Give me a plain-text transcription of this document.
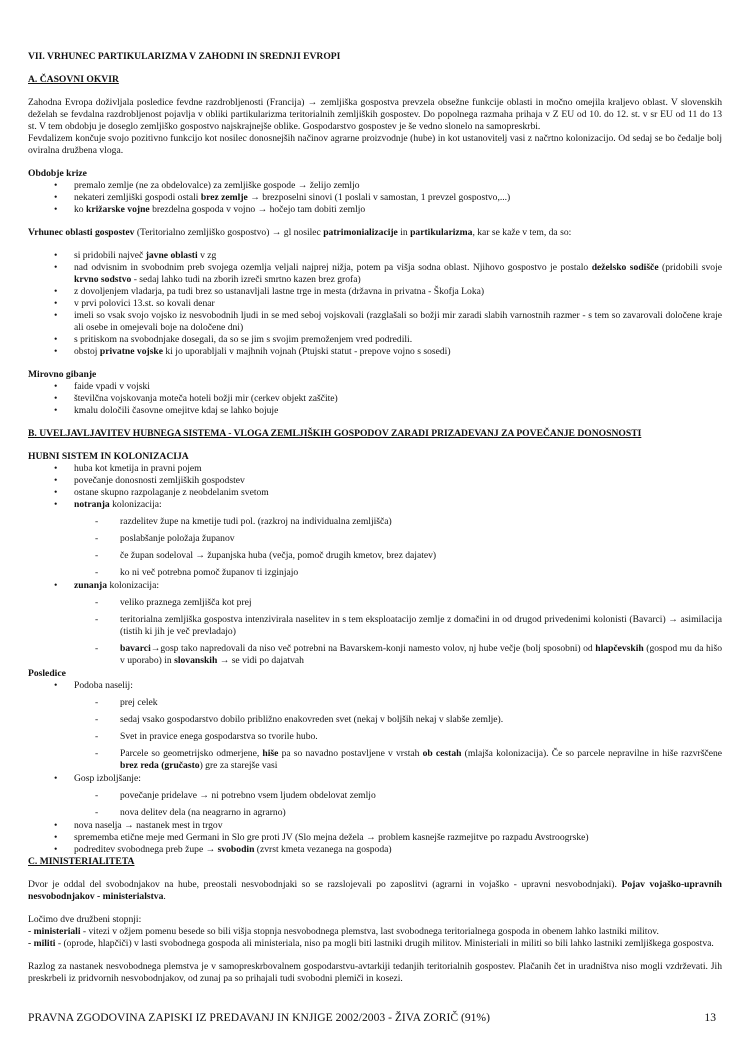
VII. VRHUNEC PARTIKULARIZMA V ZAHODNI IN SREDNJI EVROPI
A. ČASOVNI OKVIR
Zahodna Evropa doživljala posledice fevdne razdrobljenosti (Francija) → zemljiška gospostva prevzela obsežne funkcije oblasti in močno omejila kraljevo oblast. V slovenskih deželah se fevdalna razdrobljenost pojavlja v obliki partikularizma teritorialnih zemljiških gospostev. Do popolnega razmaha prihaja v Z EU od 10. do 12. st. v sr EU od 11 do 13 st. V tem obdobju je doseglo zemljiško gospostvo najskrajnejše oblike. Gospodarstvo gospostev je še vedno slonelo na samopreskrbi.
Fevdalizem končuje svojo pozitivno funkcijo kot nosilec donosnejših načinov agrarne proizvodnje (hube) in kot ustanovitelj vasi z načrtno kolonizacijo. Od sedaj se bo čedalje bolj oviralna družbena vloga.
Obdobje krize
• premalo zemlje (ne za obdelovalce) za zemljiške gospode → želijo zemljo
• nekateri zemljiški gospodi ostali brez zemlje → brezposelni sinovi (1 poslali v samostan, 1 prevzel gospostvo,...)
• ko križarske vojne brezdelna gospoda v vojno → hočejo tam dobiti zemljo
Vrhunec oblasti gospostev (Teritorialno zemljiško gospostvo) → gl nosilec patrimonializacije in partikularizma, kar se kaže v tem, da so:
• si pridobili največ javne oblasti v zg
• nad odvisnim in svobodnim preb svojega ozemlja veljali najprej nižja, potem pa višja sodna oblast. Njihovo gospostvo je postalo deželsko sodišče (pridobili svoje krvno sodstvo - sedaj lahko tudi na zborih izreči smrtno kazen brez grofa)
• z dovoljenjem vladarja, pa tudi brez so ustanavljali lastne trge in mesta (državna in privatna - Škofja Loka)
• v prvi polovici 13.st. so kovali denar
• imeli so vsak svojo vojsko iz nesvobodnih ljudi in se med seboj vojskovali (razglašali so božji mir zaradi slabih varnostnih razmer - s tem so zavarovali določene kraje ali osebe in omejevali boje na določene dni)
• s pritiskom na svobodnjake dosegali, da so se jim s svojim premoženjem vred podredili.
• obstoj privatne vojske ki jo uporabljali v majhnih vojnah (Ptujski statut - prepove vojno s sosedi)
Mirovno gibanje
• faide vpadi v vojski
• številčna vojskovanja moteča hoteli božji mir (cerkev objekt zaščite)
• kmalu določili časovne omejitve kdaj se lahko bojuje
B. UVELJAVLJAVITEV HUBNEGA SISTEMA - VLOGA ZEMLJIŠKIH GOSPODOV ZARADI PRIZADEVANJ ZA POVEČANJE DONOSNOSTI
HUBNI SISTEM IN KOLONIZACIJA
• huba kot kmetija in pravni pojem
• povečanje donosnosti zemljiških gospodstev
• ostane skupno razpolaganje z neobdelanim svetom
• notranja kolonizacija:
- razdelitev župe na kmetije tudi pol. (razkroj na individualna zemljišča)
- poslabšanje položaja županov
- če župan sodeloval → županjska huba (večja, pomoč drugih kmetov, brez dajatev)
- ko ni več potrebna pomoč županov ti izginjajo
• zunanja kolonizacija:
- veliko praznega zemljišča kot prej
- teritorialna zemljiška gospostva intenzivirala naselitev in s tem eksploatacijo zemlje z domačini in od drugod privedenimi kolonisti (Bavarci) → asimilacija (tistih ki jih je več prevladajo)
- bavarci→gosp tako napredovali da niso več potrebni na Bavarskem-konji namesto volov, nj hube večje (bolj sposobni) od hlapčevskih (gospod mu da hišo v uporabo) in slovanskih → se vidi po dajatvah
Posledice
• Podoba naselij:
- prej celek
- sedaj vsako gospodarstvo dobilo približno enakovreden svet (nekaj v boljših nekaj v slabše zemlje).
- Svet in pravice enega gospodarstva so tvorile hubo.
- Parcele so geometrijsko odmerjene, hiše pa so navadno postavljene v vrstah ob cestah (mlajša kolonizacija). Če so parcele nepravilne in hiše razvrščene brez reda (gručasto) gre za starejše vasi
• Gosp izboljšanje:
- povečanje pridelave → ni potrebno vsem ljudem obdelovat zemljo
- nova delitev dela (na neagrarno in agrarno)
• nova naselja → nastanek mest in trgov
• sprememba etične meje med Germani in Slo gre proti JV (Slo mejna dežela → problem kasnejše razmejitve po razpadu Avstroogrske)
• podreditev svobodnega preb župe → svobodin (zvrst kmeta vezanega na gospoda)
C. MINISTERIALITETA
Dvor je oddal del svobodnjakov na hube, preostali nesvobodnjaki so se razslojevali po zaposlitvi (agrarni in vojaško - upravni nesvobodnjaki). Pojav vojaško-upravnih nesvobodnjakov - ministerialstva.
Ločimo dve družbeni stopnji:
- ministeriali - vitezi v ožjem pomenu besede so bili višja stopnja nesvobodnega plemstva, last svobodnega teritorialnega gospoda in obenem lahko lastniki militov.
- militi - (oprode, hlapčiči) v lasti svobodnega gospoda ali ministeriala, niso pa mogli biti lastniki drugih militov. Ministeriali in militi so bili lahko lastniki zemljiškega gospostva.
Razlog za nastanek nesvobodnega plemstva je v samopreskrbovalnem gospodarstvu-avtarkiji tedanjih teritorialnih gospostev. Plačanih čet in uradništva niso mogli vzdrževati. Jih preskrbeli iz pridvornih nesvobodnjakov, od zunaj pa so prihajali tudi svobodni plemiči in kosezi.
PRAVNA ZGODOVINA ZAPISKI IZ PREDAVANJ IN KNJIGE 2002/2003 - ŽIVA ZORIČ (91%)	13
